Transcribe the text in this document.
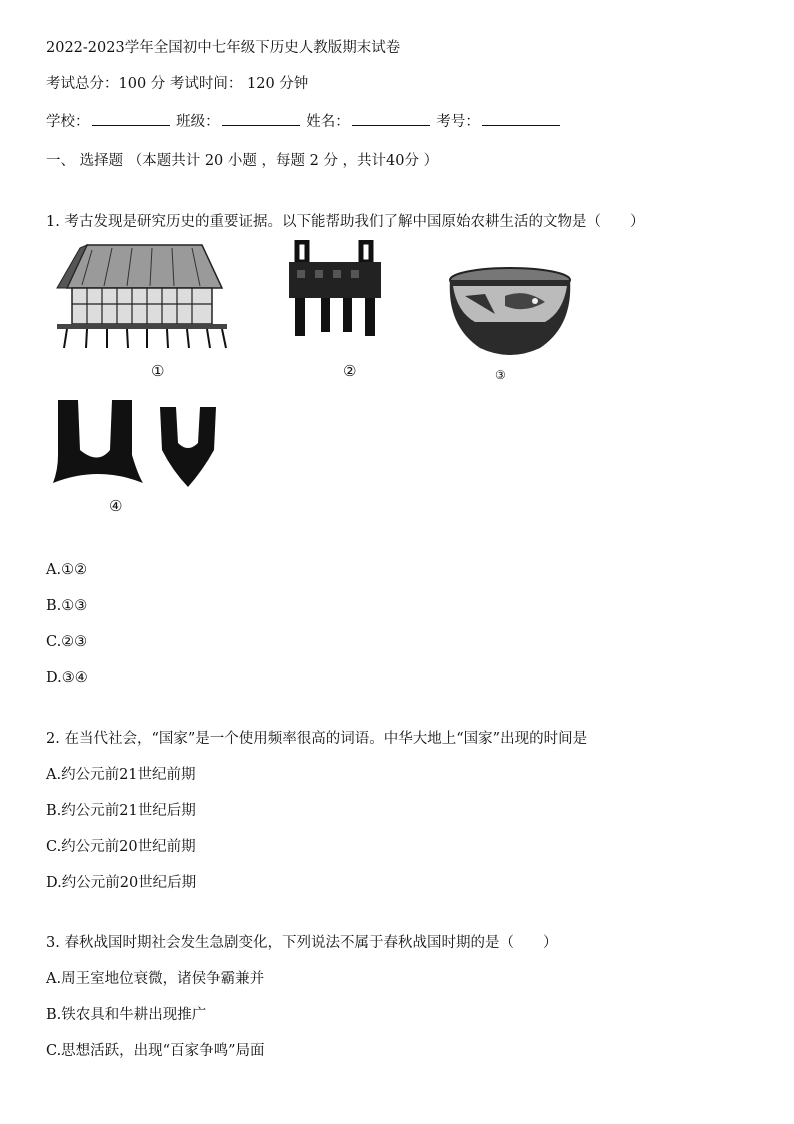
2022-2023学年全国初中七年级下历史人教版期末试卷
考试总分：100 分 考试时间： 120 分钟
学校：	班级：	姓名：	考号：
一、 选择题 （本题共计 20 小题 ，每题 2 分 ，共计40分 ）
1. 考古发现是研究历史的重要证据。以下能帮助我们了解中国原始农耕生活的文物是（　　）
①	②	③
④
A.①②
B.①③
C.②③
D.③④
2. 在当代社会，“国家”是一个使用频率很高的词语。中华大地上“国家”出现的时间是
A.约公元前21世纪前期
B.约公元前21世纪后期
C.约公元前20世纪前期
D.约公元前20世纪后期
3. 春秋战国时期社会发生急剧变化，下列说法不属于春秋战国时期的是（　　）
A.周王室地位衰微，诸侯争霸兼并
B.铁农具和牛耕出现推广
C.思想活跃，出现“百家争鸣”局面
